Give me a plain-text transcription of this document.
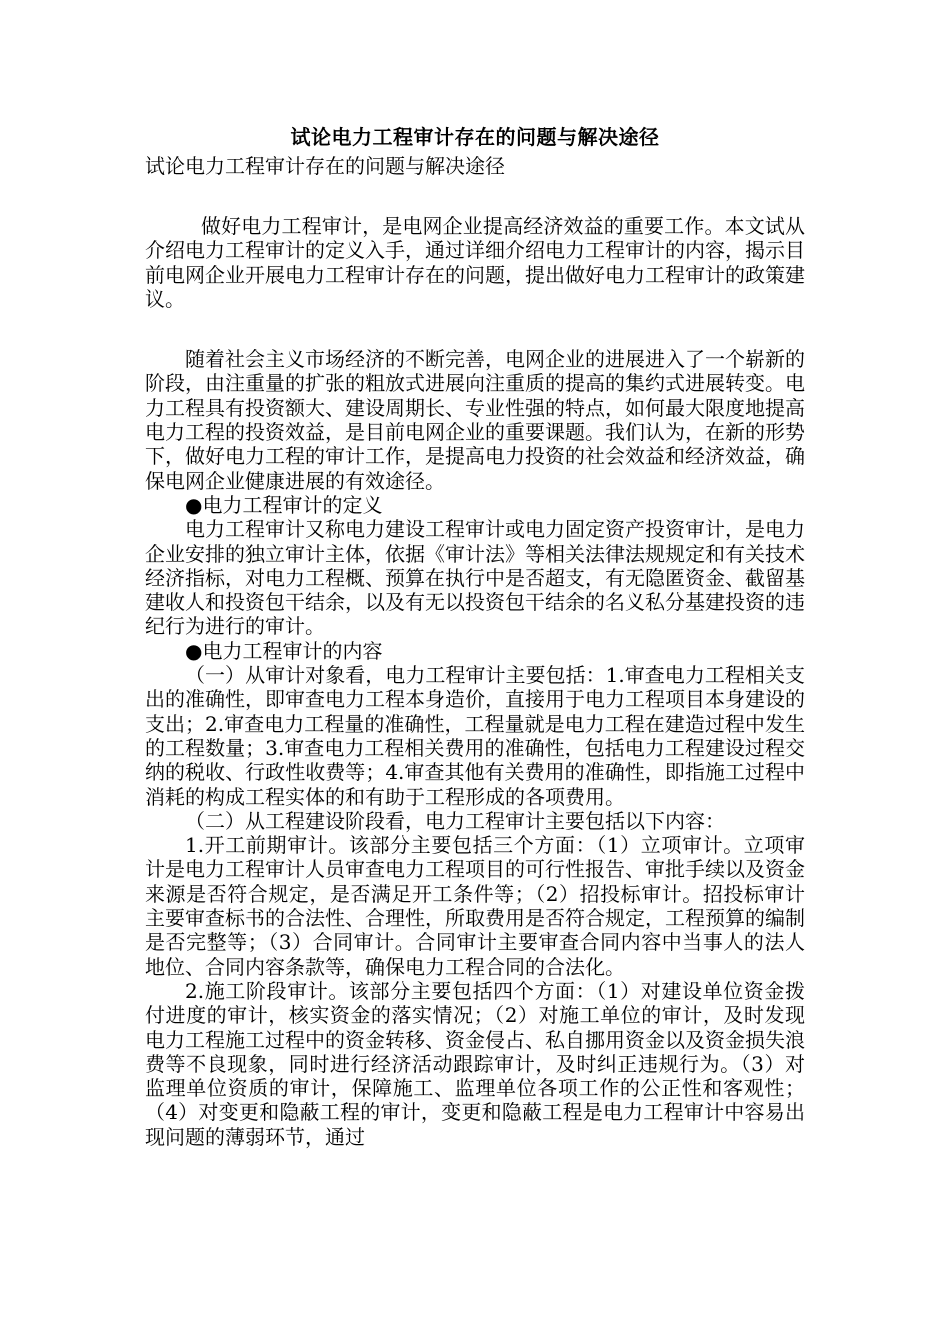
试论电力工程审计存在的问题与解决途径

试论电力工程审计存在的问题与解决途径

做好电力工程审计，是电网企业提高经济效益的重要工作。本文试从介绍电力工程审计的定义入手，通过详细介绍电力工程审计的内容，揭示目前电网企业开展电力工程审计存在的问题，提出做好电力工程审计的政策建议。

随着社会主义市场经济的不断完善，电网企业的进展进入了一个崭新的阶段，由注重量的扩张的粗放式进展向注重质的提高的集约式进展转变。电力工程具有投资额大、建设周期长、专业性强的特点，如何最大限度地提高电力工程的投资效益，是目前电网企业的重要课题。我们认为，在新的形势下，做好电力工程的审计工作，是提高电力投资的社会效益和经济效益，确保电网企业健康进展的有效途径。

●电力工程审计的定义

电力工程审计又称电力建设工程审计或电力固定资产投资审计，是电力企业安排的独立审计主体，依据《审计法》等相关法律法规规定和有关技术经济指标，对电力工程概、预算在执行中是否超支，有无隐匿资金、截留基建收人和投资包干结余，以及有无以投资包干结余的名义私分基建投资的违纪行为进行的审计。

●电力工程审计的内容

（一）从审计对象看，电力工程审计主要包括：1.审查电力工程相关支出的准确性，即审查电力工程本身造价，直接用于电力工程项目本身建设的支出；2.审查电力工程量的准确性，工程量就是电力工程在建造过程中发生的工程数量；3.审查电力工程相关费用的准确性，包括电力工程建设过程交纳的税收、行政性收费等；4.审查其他有关费用的准确性，即指施工过程中消耗的构成工程实体的和有助于工程形成的各项费用。

（二）从工程建设阶段看，电力工程审计主要包括以下内容：

1.开工前期审计。该部分主要包括三个方面：（1）立项审计。立项审计是电力工程审计人员审查电力工程项目的可行性报告、审批手续以及资金来源是否符合规定，是否满足开工条件等；（2）招投标审计。招投标审计主要审查标书的合法性、合理性，所取费用是否符合规定，工程预算的编制是否完整等；（3）合同审计。合同审计主要审查合同内容中当事人的法人地位、合同内容条款等，确保电力工程合同的合法化。

2.施工阶段审计。该部分主要包括四个方面：（1）对建设单位资金拨付进度的审计，核实资金的落实情况；（2）对施工单位的审计，及时发现电力工程施工过程中的资金转移、资金侵占、私自挪用资金以及资金损失浪费等不良现象，同时进行经济活动跟踪审计，及时纠正违规行为。（3）对监理单位资质的审计，保障施工、监理单位各项工作的公正性和客观性；（4）对变更和隐蔽工程的审计，变更和隐蔽工程是电力工程审计中容易出现问题的薄弱环节，通过
